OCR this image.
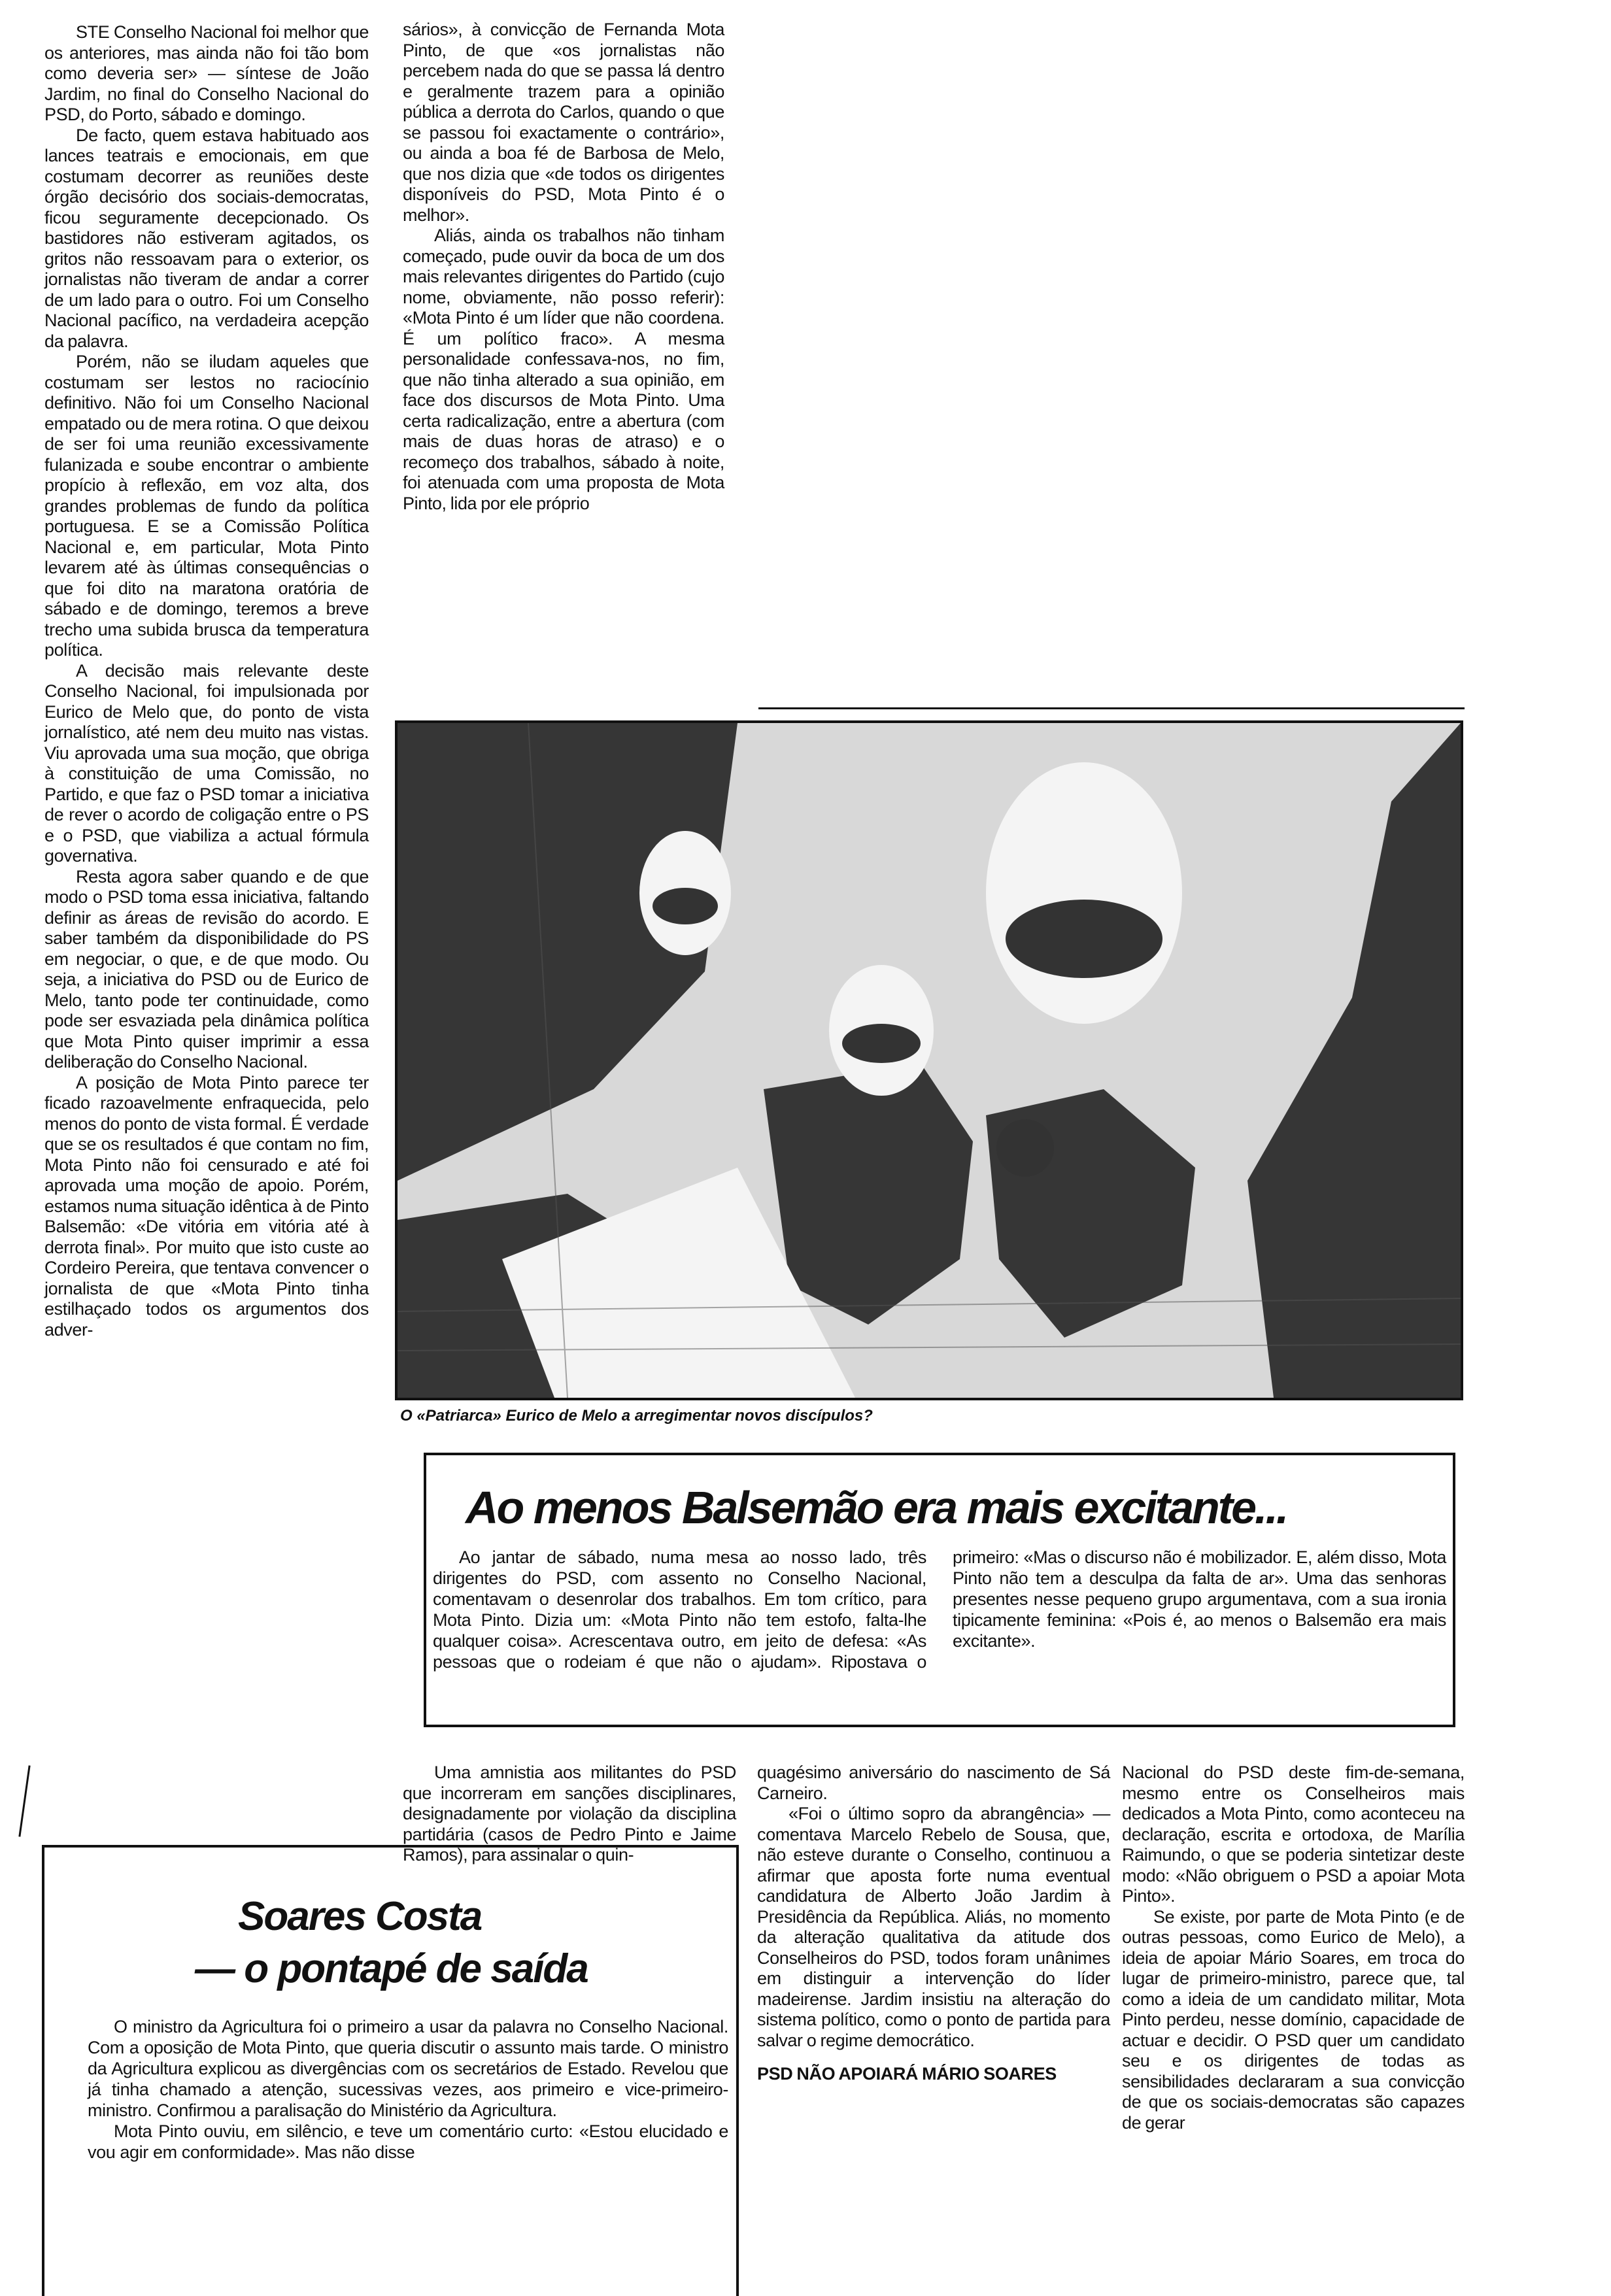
STE Conselho Nacional foi melhor que os anteriores, mas ainda não foi tão bom como deveria ser» — síntese de João Jardim, no final do Conselho Nacional do PSD, do Porto, sábado e domingo.

De facto, quem estava habituado aos lances teatrais e emocionais, em que costumam decorrer as reuniões deste órgão decisório dos sociais-democratas, ficou seguramente decepcionado. Os bastidores não estiveram agitados, os gritos não ressoavam para o exterior, os jornalistas não tiveram de andar a correr de um lado para o outro. Foi um Conselho Nacional pacífico, na verdadeira acepção da palavra.

Porém, não se iludam aqueles que costumam ser lestos no raciocínio definitivo. Não foi um Conselho Nacional empatado ou de mera rotina. O que deixou de ser foi uma reunião excessivamente fulanizada e soube encontrar o ambiente propício à reflexão, em voz alta, dos grandes problemas de fundo da política portuguesa. E se a Comissão Política Nacional e, em particular, Mota Pinto levarem até às últimas consequências o que foi dito na maratona oratória de sábado e de domingo, teremos a breve trecho uma subida brusca da temperatura política.

A decisão mais relevante deste Conselho Nacional, foi impulsionada por Eurico de Melo que, do ponto de vista jornalístico, até nem deu muito nas vistas. Viu aprovada uma sua moção, que obriga à constituição de uma Comissão, no Partido, e que faz o PSD tomar a iniciativa de rever o acordo de coligação entre o PS e o PSD, que viabiliza a actual fórmula governativa.

Resta agora saber quando e de que modo o PSD toma essa iniciativa, faltando definir as áreas de revisão do acordo. E saber também da disponibilidade do PS em negociar, o que, e de que modo. Ou seja, a iniciativa do PSD ou de Eurico de Melo, tanto pode ter continuidade, como pode ser esvaziada pela dinâmica política que Mota Pinto quiser imprimir a essa deliberação do Conselho Nacional.

A posição de Mota Pinto parece ter ficado razoavelmente enfraquecida, pelo menos do ponto de vista formal. É verdade que se os resultados é que contam no fim, Mota Pinto não foi censurado e até foi aprovada uma moção de apoio. Porém, estamos numa situação idêntica à de Pinto Balsemão: «De vitória em vitória até à derrota final». Por muito que isto custe ao Cordeiro Pereira, que tentava convencer o jornalista de que «Mota Pinto tinha estilhaçado todos os argumentos dos adver-

sários», à convicção de Fernanda Mota Pinto, de que «os jornalistas não percebem nada do que se passa lá dentro e geralmente trazem para a opinião pública a derrota do Carlos, quando o que se passou foi exactamente o contrário», ou ainda a boa fé de Barbosa de Melo, que nos dizia que «de todos os dirigentes disponíveis do PSD, Mota Pinto é o melhor».

Aliás, ainda os trabalhos não tinham começado, pude ouvir da boca de um dos mais relevantes dirigentes do Partido (cujo nome, obviamente, não posso referir): «Mota Pinto é um líder que não coordena. É um político fraco». A mesma personalidade confessava-nos, no fim, que não tinha alterado a sua opinião, em face dos discursos de Mota Pinto. Uma certa radicalização, entre a abertura (com mais de duas horas de atraso) e o recomeço dos trabalhos, sábado à noite, foi atenuada com uma proposta de Mota Pinto, lida por ele próprio

O «Patriarca» Eurico de Melo a arregimentar novos discípulos?
Ao menos Balsemão era mais excitante...

Ao jantar de sábado, numa mesa ao nosso lado, três dirigentes do PSD, com assento no Conselho Nacional, comentavam o desenrolar dos trabalhos. Em tom crítico, para Mota Pinto. Dizia um: «Mota Pinto não tem estofo, falta-lhe qualquer coisa». Acrescentava outro, em jeito de defesa: «As pessoas que o rodeiam é que não o ajudam». Ripostava o primeiro: «Mas o discurso não é mobilizador. E, além disso, Mota Pinto não tem a desculpa da falta de ar». Uma das senhoras presentes nesse pequeno grupo argumentava, com a sua ironia tipicamente feminina: «Pois é, ao menos o Balsemão era mais excitante».

Uma amnistia aos militantes do PSD que incorreram em sanções disciplinares, designadamente por violação da disciplina partidária (casos de Pedro Pinto e Jaime Ramos), para assinalar o quin-

quagésimo aniversário do nascimento de Sá Carneiro.

«Foi o último sopro da abrangência» — comentava Marcelo Rebelo de Sousa, que, não esteve durante o Conselho, continuou a afirmar que aposta forte numa eventual candidatura de Alberto João Jardim à Presidência da República. Aliás, no momento da alteração qualitativa da atitude dos Conselheiros do PSD, todos foram unânimes em distinguir a intervenção do líder madeirense. Jardim insistiu na alteração do sistema político, como o ponto de partida para salvar o regime democrático.

PSD NÃO APOIARÁ MÁRIO SOARES

Nacional do PSD deste fim-de-semana, mesmo entre os Conselheiros mais dedicados a Mota Pinto, como aconteceu na declaração, escrita e ortodoxa, de Marília Raimundo, o que se poderia sintetizar deste modo: «Não obriguem o PSD a apoiar Mota Pinto».

Se existe, por parte de Mota Pinto (e de outras pessoas, como Eurico de Melo), a ideia de apoiar Mário Soares, em troca do lugar de primeiro-ministro, parece que, tal como a ideia de um candidato militar, Mota Pinto perdeu, nesse domínio, capacidade de actuar e decidir. O PSD quer um candidato seu e os dirigentes de todas as sensibilidades declararam a sua convicção de que os sociais-democratas são capazes de gerar

Soares Costa
— o pontapé de saída

O ministro da Agricultura foi o primeiro a usar da palavra no Conselho Nacional. Com a oposição de Mota Pinto, que queria discutir o assunto mais tarde. O ministro da Agricultura explicou as divergências com os secretários de Estado. Revelou que já tinha chamado a atenção, sucessivas vezes, aos primeiro e vice-primeiro-ministro. Confirmou a paralisação do Ministério da Agricultura.

Mota Pinto ouviu, em silêncio, e teve um comentário curto: «Estou elucidado e vou agir em conformidade». Mas não disse
